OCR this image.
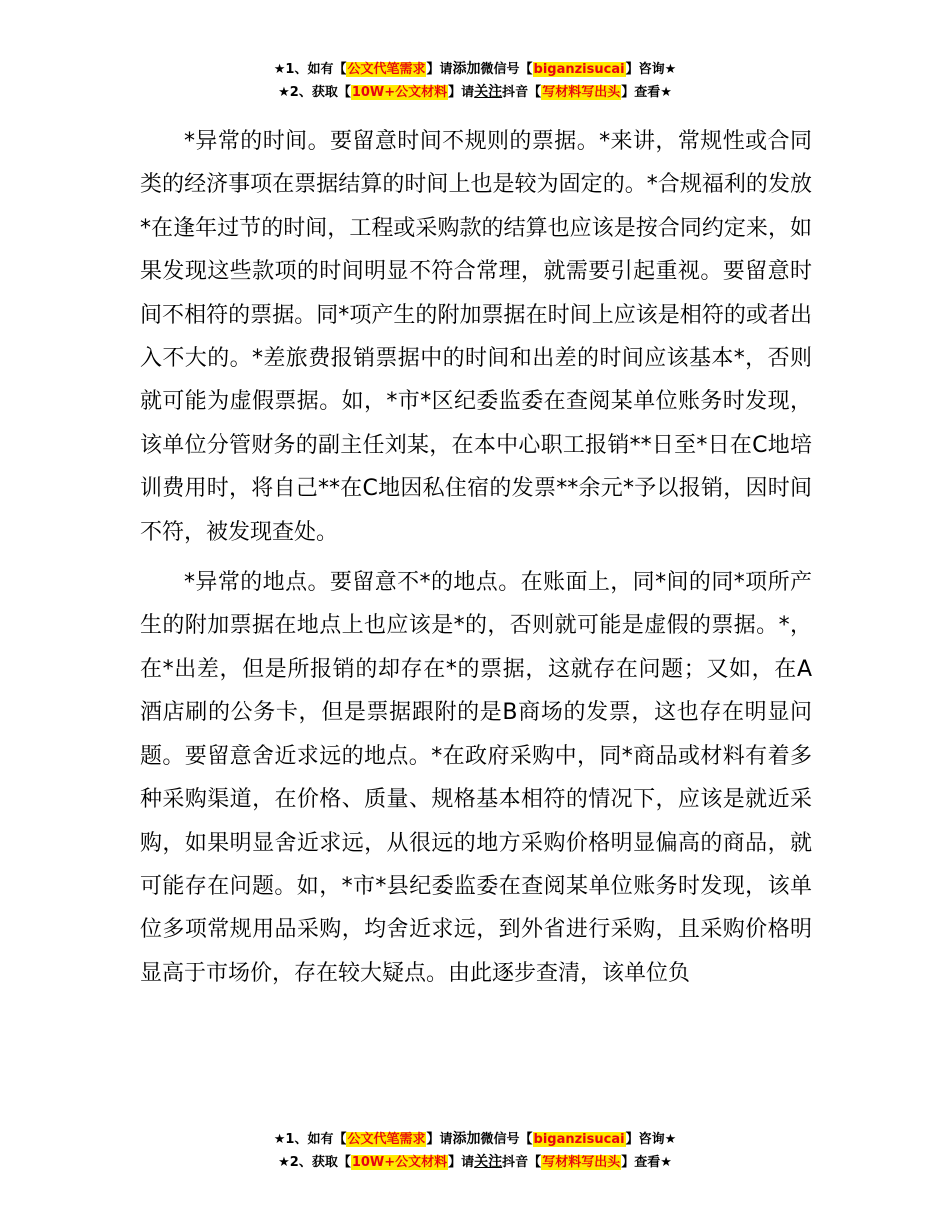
★1、如有【公文代笔需求】请添加微信号【biganzisucai】咨询★
★2、获取【10W+公文材料】请关注抖音【写材料写出头】查看★

*异常的时间。要留意时间不规则的票据。*来讲，常规性或合同类的经济事项在票据结算的时间上也是较为固定的。*合规福利的发放*在逢年过节的时间，工程或采购款的结算也应该是按合同约定来，如果发现这些款项的时间明显不符合常理，就需要引起重视。要留意时间不相符的票据。同*项产生的附加票据在时间上应该是相符的或者出入不大的。*差旅费报销票据中的时间和出差的时间应该基本*，否则就可能为虚假票据。如，*市*区纪委监委在查阅某单位账务时发现，该单位分管财务的副主任刘某，在本中心职工报销**日至*日在C地培训费用时，将自己**在C地因私住宿的发票**余元*予以报销，因时间不符，被发现查处。

*异常的地点。要留意不*的地点。在账面上，同*间的同*项所产生的附加票据在地点上也应该是*的，否则就可能是虚假的票据。*，在*出差，但是所报销的却存在*的票据，这就存在问题；又如，在A酒店刷的公务卡，但是票据跟附的是B商场的发票，这也存在明显问题。要留意舍近求远的地点。*在政府采购中，同*商品或材料有着多种采购渠道，在价格、质量、规格基本相符的情况下，应该是就近采购，如果明显舍近求远，从很远的地方采购价格明显偏高的商品，就可能存在问题。如，*市*县纪委监委在查阅某单位账务时发现，该单位多项常规用品采购，均舍近求远，到外省进行采购，且采购价格明显高于市场价，存在较大疑点。由此逐步查清，该单位负

★1、如有【公文代笔需求】请添加微信号【biganzisucai】咨询★
★2、获取【10W+公文材料】请关注抖音【写材料写出头】查看★
